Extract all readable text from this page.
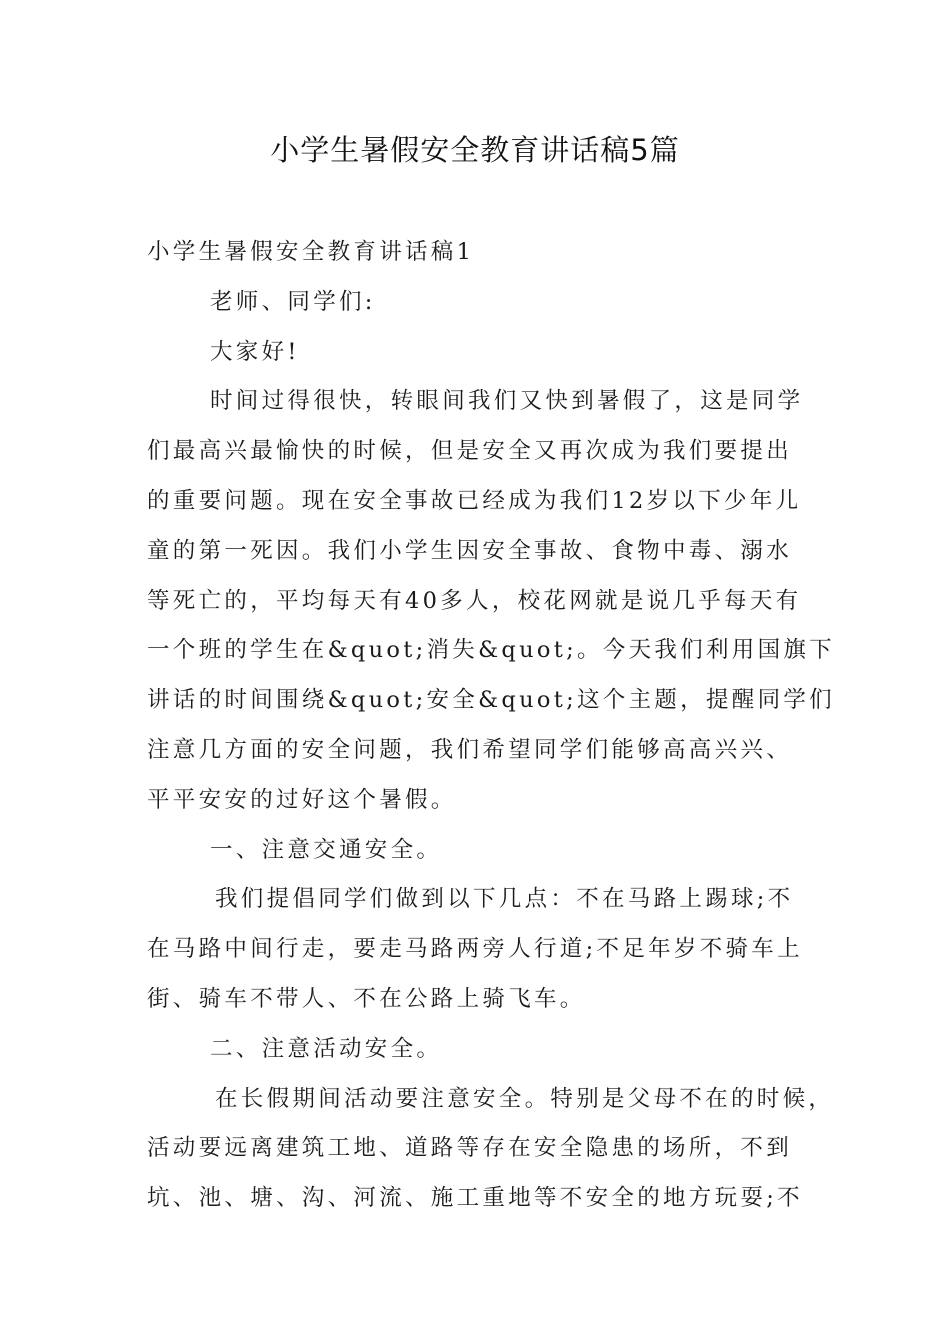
小学生暑假安全教育讲话稿5篇

小学生暑假安全教育讲话稿1

老师、同学们:

大家好!

时间过得很快，转眼间我们又快到暑假了，这是同学

们最高兴最愉快的时候，但是安全又再次成为我们要提出

的重要问题。现在安全事故已经成为我们12岁以下少年儿

童的第一死因。我们小学生因安全事故、食物中毒、溺水

等死亡的，平均每天有40多人，校花网就是说几乎每天有

一个班的学生在&quot;消失&quot;。今天我们利用国旗下

讲话的时间围绕&quot;安全&quot;这个主题，提醒同学们

注意几方面的安全问题，我们希望同学们能够高高兴兴、

平平安安的过好这个暑假。

一、注意交通安全。

我们提倡同学们做到以下几点：不在马路上踢球;不

在马路中间行走，要走马路两旁人行道;不足年岁不骑车上

街、骑车不带人、不在公路上骑飞车。

二、注意活动安全。

在长假期间活动要注意安全。特别是父母不在的时候，

活动要远离建筑工地、道路等存在安全隐患的场所，不到

坑、池、塘、沟、河流、施工重地等不安全的地方玩耍;不
